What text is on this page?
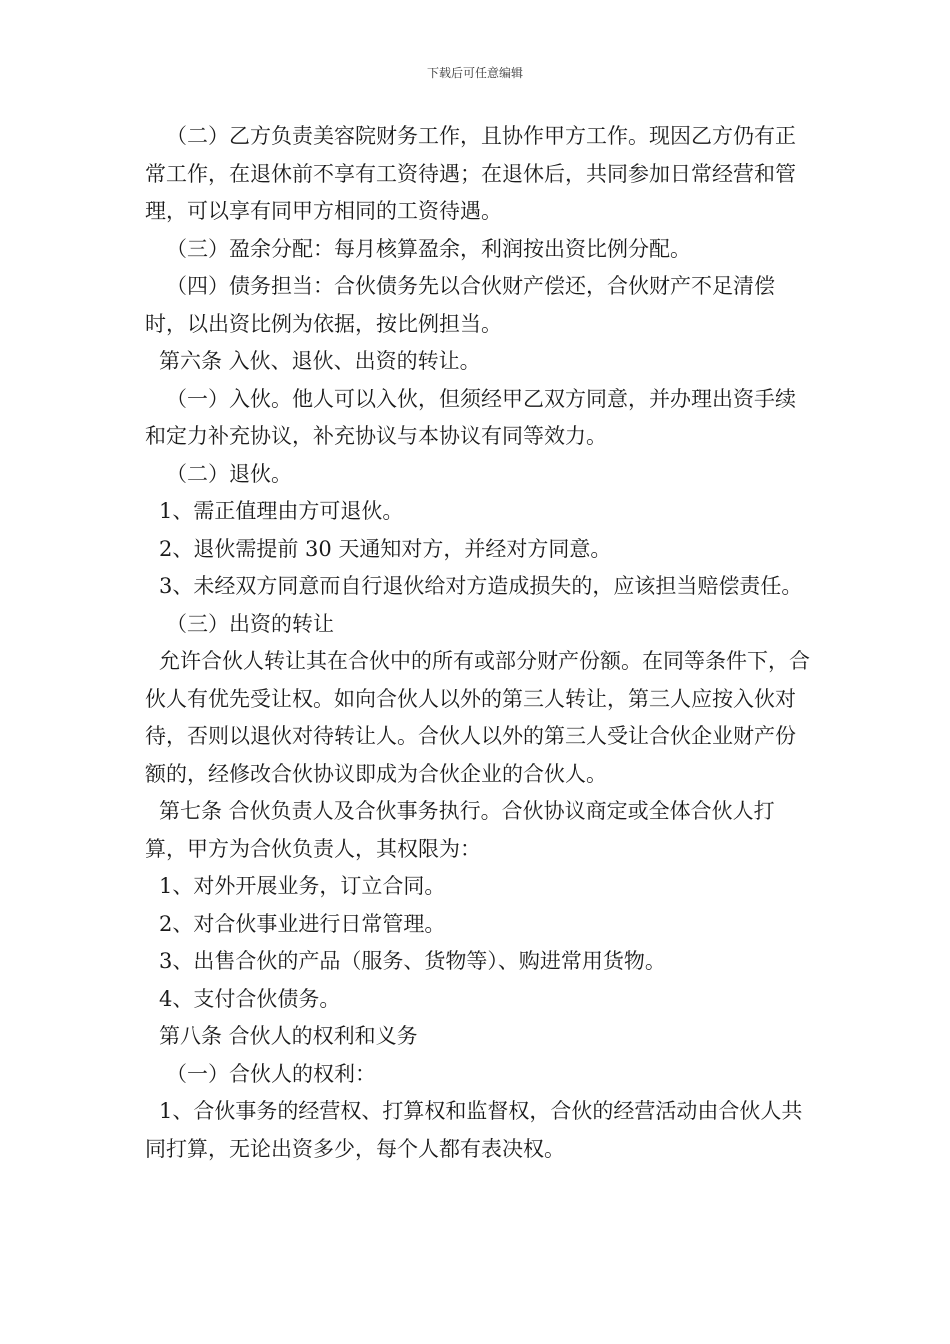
下载后可任意编辑

（二）乙方负责美容院财务工作，且协作甲方工作。现因乙方仍有正常工作，在退休前不享有工资待遇；在退休后，共同参加日常经营和管理，可以享有同甲方相同的工资待遇。

（三）盈余分配：每月核算盈余，利润按出资比例分配。

（四）债务担当：合伙债务先以合伙财产偿还，合伙财产不足清偿时，以出资比例为依据，按比例担当。

第六条 入伙、退伙、出资的转让。

（一）入伙。他人可以入伙，但须经甲乙双方同意，并办理出资手续和定力补充协议，补充协议与本协议有同等效力。

（二）退伙。

1、需正值理由方可退伙。

2、退伙需提前 30 天通知对方，并经对方同意。

3、未经双方同意而自行退伙给对方造成损失的，应该担当赔偿责任。

（三）出资的转让

允许合伙人转让其在合伙中的所有或部分财产份额。在同等条件下，合伙人有优先受让权。如向合伙人以外的第三人转让，第三人应按入伙对待，否则以退伙对待转让人。合伙人以外的第三人受让合伙企业财产份额的，经修改合伙协议即成为合伙企业的合伙人。

第七条 合伙负责人及合伙事务执行。合伙协议商定或全体合伙人打算，甲方为合伙负责人，其权限为：

1、对外开展业务，订立合同。

2、对合伙事业进行日常管理。

3、出售合伙的产品（服务、货物等）、购进常用货物。

4、支付合伙债务。

第八条 合伙人的权利和义务

（一）合伙人的权利：

1、合伙事务的经营权、打算权和监督权，合伙的经营活动由合伙人共同打算，无论出资多少，每个人都有表决权。
